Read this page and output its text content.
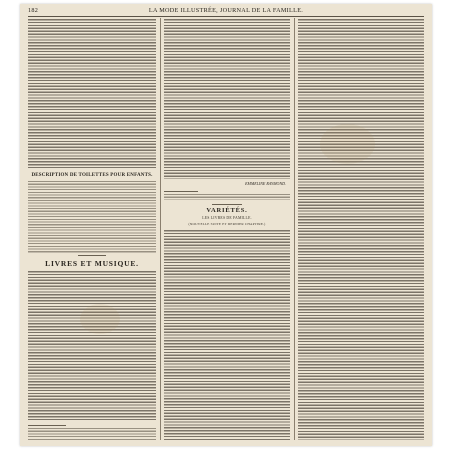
182	LA MODE ILLUSTRÉE, JOURNAL DE LA FAMILLE.
DESCRIPTION DE TOILETTES POUR ENFANTS.
LIVRES ET MUSIQUE.
EMMELINE RAYMOND.
VARIÉTÉS.
LES LIVRES DE FAMILLE.
(NOUVELLE SUITE ET DERNIER CHAPITRE.)
